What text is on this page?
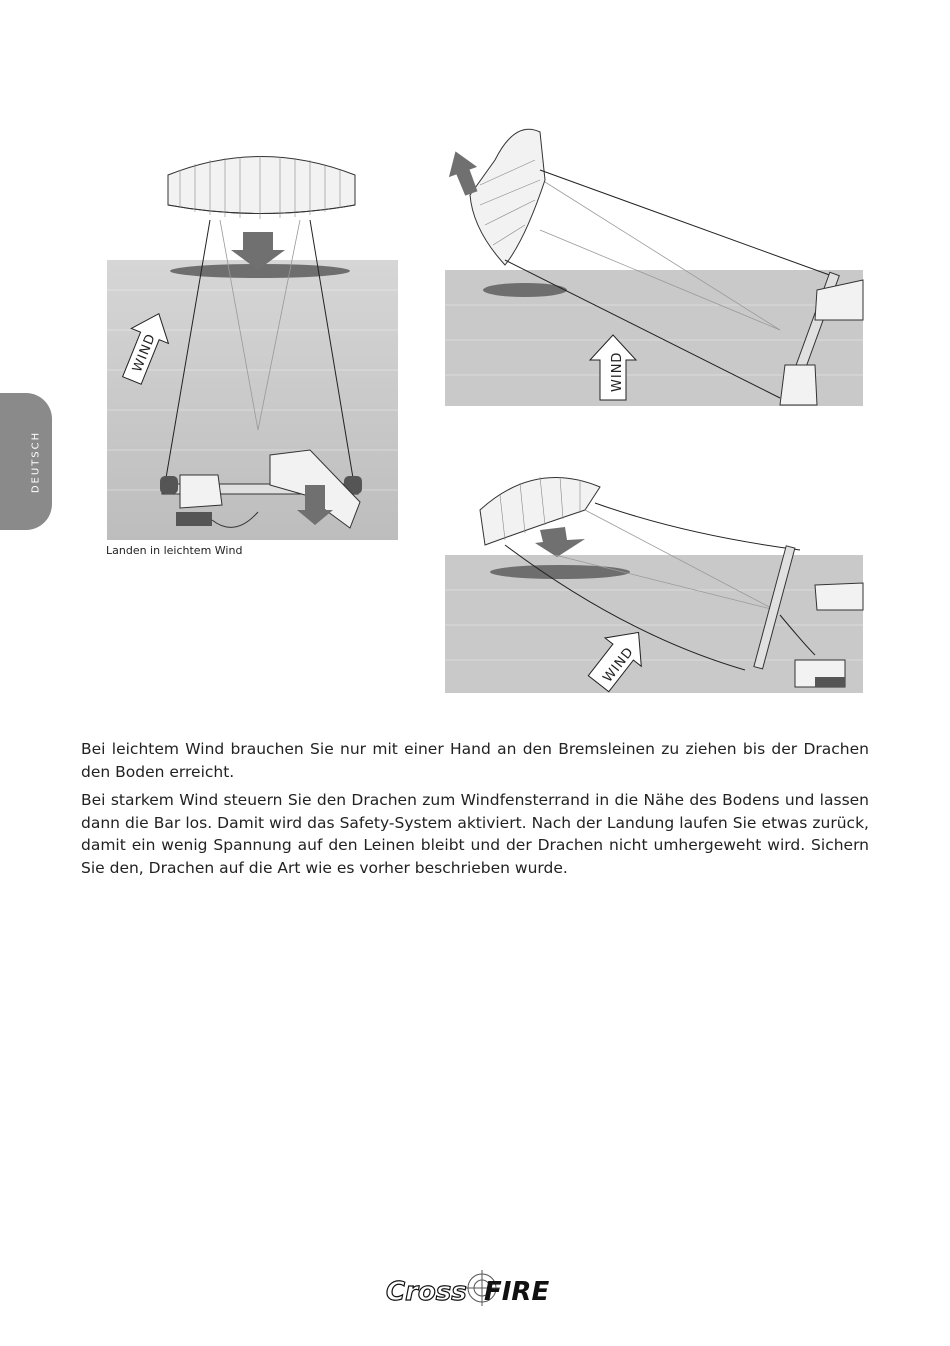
DEUTSCH
WIND
Landen in leichtem Wind
WIND
WIND

Bei leichtem Wind brauchen Sie nur mit einer Hand an den Bremsleinen zu ziehen bis der Drachen den Boden erreicht.

Bei starkem Wind steuern Sie den Drachen zum Windfensterrand in die Nähe des Bodens und lassen dann die Bar los. Damit wird das Safety-System aktiviert. Nach der Landung laufen Sie etwas zurück, damit ein wenig Spannung auf den Leinen bleibt und der Drachen nicht umhergeweht wird. Sichern Sie den, Drachen auf die Art wie es vorher beschrieben wurde.

Cross FIRE
